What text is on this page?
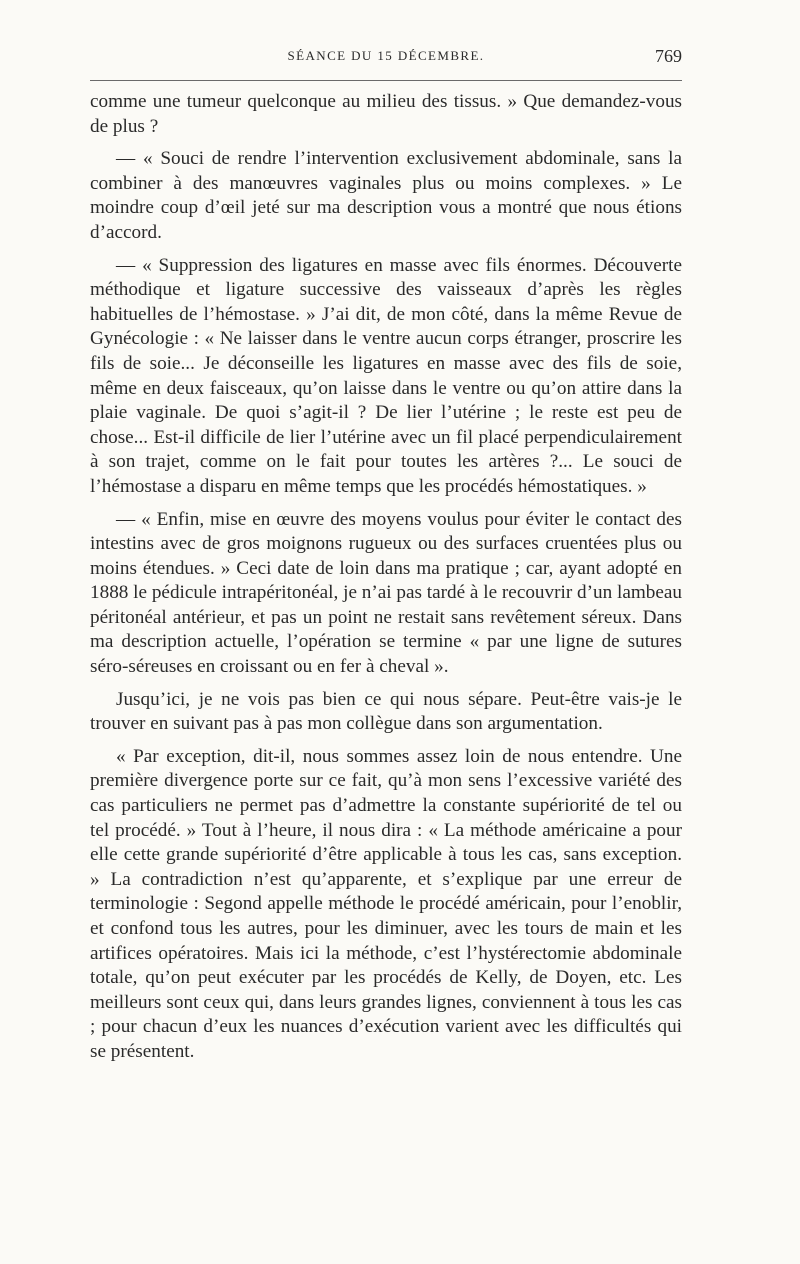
SÉANCE DU 15 DÉCEMBRE.	769

comme une tumeur quelconque au milieu des tissus. » Que demandez-vous de plus ?

— « Souci de rendre l’intervention exclusivement abdominale, sans la combiner à des manœuvres vaginales plus ou moins complexes. » Le moindre coup d’œil jeté sur ma description vous a montré que nous étions d’accord.

— « Suppression des ligatures en masse avec fils énormes. Découverte méthodique et ligature successive des vaisseaux d’après les règles habituelles de l’hémostase. » J’ai dit, de mon côté, dans la même Revue de Gynécologie : « Ne laisser dans le ventre aucun corps étranger, proscrire les fils de soie... Je déconseille les ligatures en masse avec des fils de soie, même en deux faisceaux, qu’on laisse dans le ventre ou qu’on attire dans la plaie vaginale. De quoi s’agit-il ? De lier l’utérine ; le reste est peu de chose... Est-il difficile de lier l’utérine avec un fil placé perpendiculairement à son trajet, comme on le fait pour toutes les artères ?... Le souci de l’hémostase a disparu en même temps que les procédés hémostatiques. »

— « Enfin, mise en œuvre des moyens voulus pour éviter le contact des intestins avec de gros moignons rugueux ou des surfaces cruentées plus ou moins étendues. » Ceci date de loin dans ma pratique ; car, ayant adopté en 1888 le pédicule intrapéritonéal, je n’ai pas tardé à le recouvrir d’un lambeau péritonéal antérieur, et pas un point ne restait sans revêtement séreux. Dans ma description actuelle, l’opération se termine « par une ligne de sutures séro-séreuses en croissant ou en fer à cheval ».

Jusqu’ici, je ne vois pas bien ce qui nous sépare. Peut-être vais-je le trouver en suivant pas à pas mon collègue dans son argumentation.

« Par exception, dit-il, nous sommes assez loin de nous entendre. Une première divergence porte sur ce fait, qu’à mon sens l’excessive variété des cas particuliers ne permet pas d’admettre la constante supériorité de tel ou tel procédé. » Tout à l’heure, il nous dira : « La méthode américaine a pour elle cette grande supériorité d’être applicable à tous les cas, sans exception. » La contradiction n’est qu’apparente, et s’explique par une erreur de terminologie : Segond appelle méthode le procédé américain, pour l’enoblir, et confond tous les autres, pour les diminuer, avec les tours de main et les artifices opératoires. Mais ici la méthode, c’est l’hystérectomie abdominale totale, qu’on peut exécuter par les procédés de Kelly, de Doyen, etc. Les meilleurs sont ceux qui, dans leurs grandes lignes, conviennent à tous les cas ; pour chacun d’eux les nuances d’exécution varient avec les difficultés qui se présentent.
